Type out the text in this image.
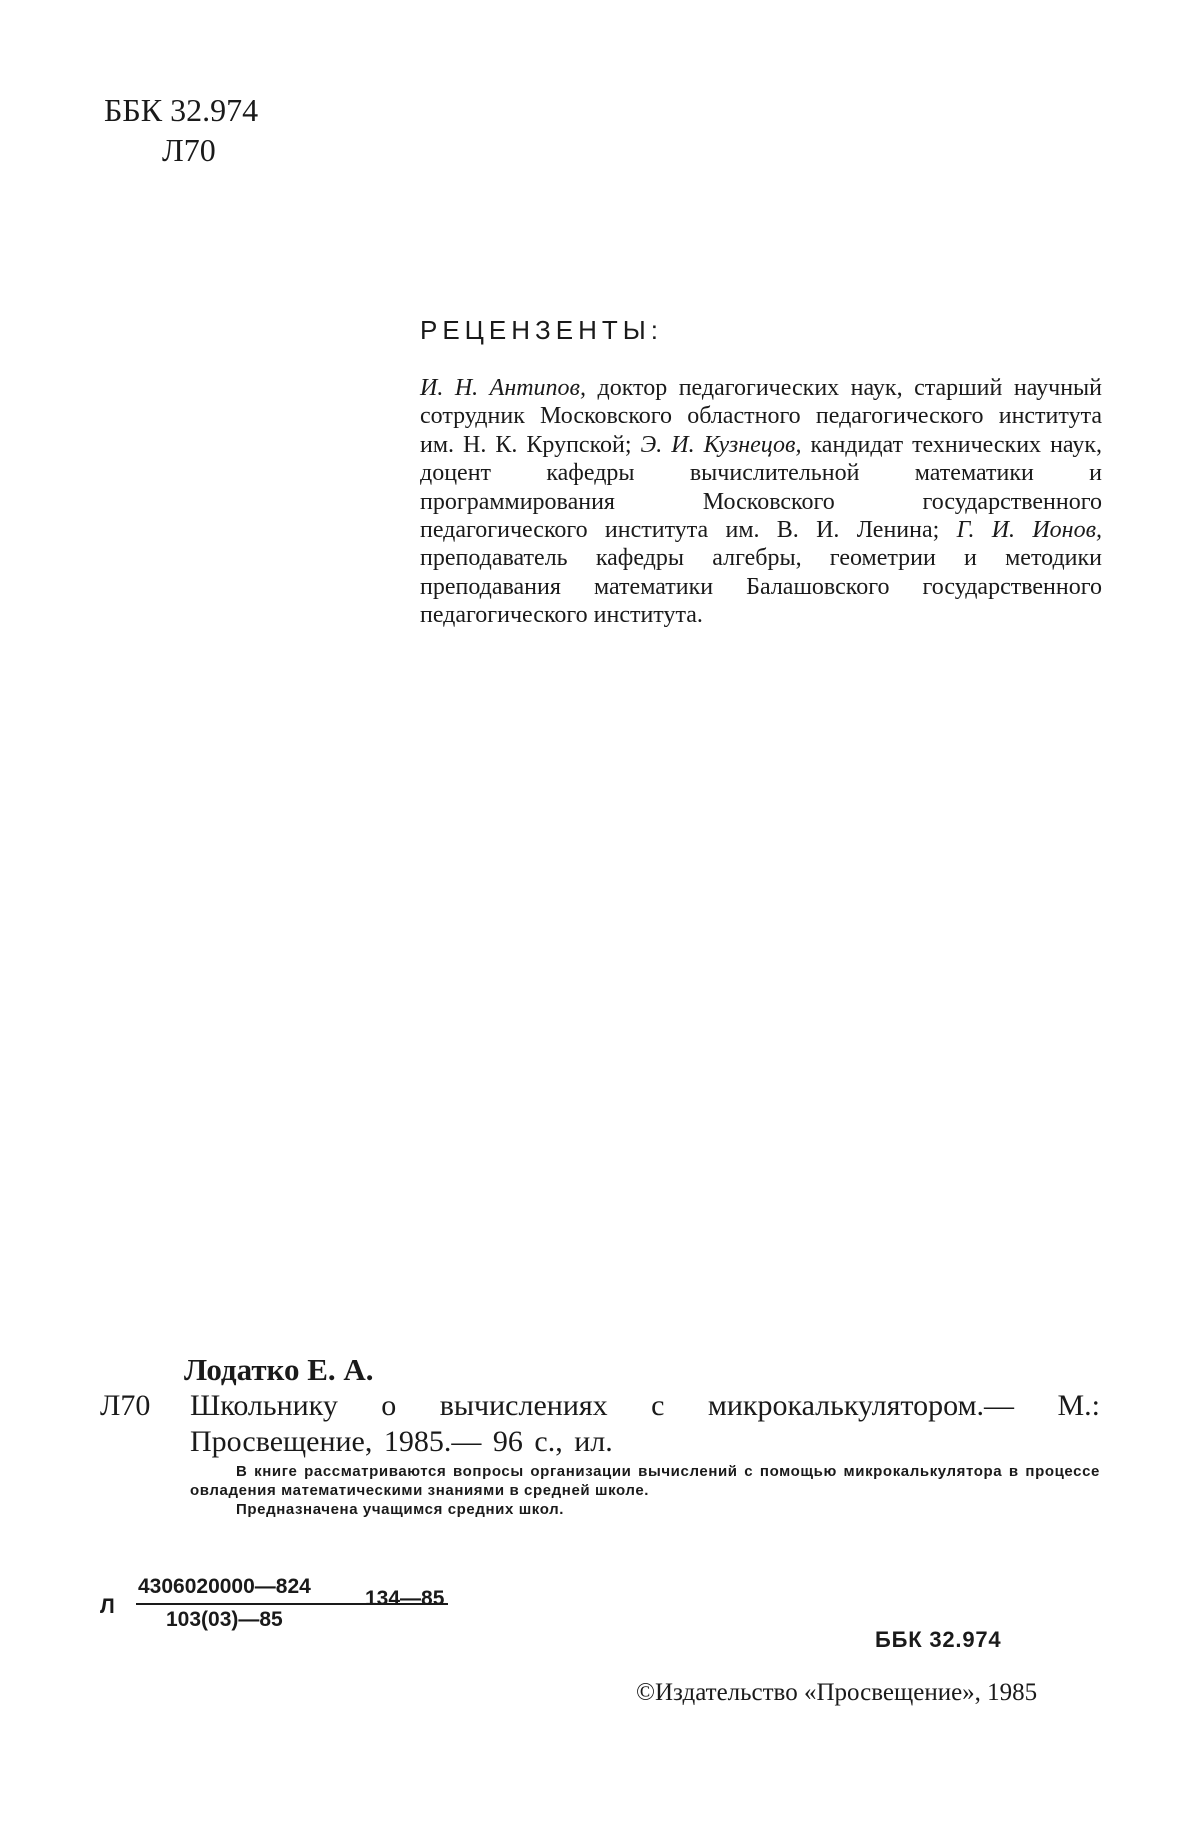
ББК 32.974
Л70
РЕЦЕНЗЕНТЫ:
И. Н. Антипов, доктор педагогических наук, старший научный сотрудник Московского областного педагогического института им. Н. К. Крупской; Э. И. Кузнецов, кандидат технических наук, доцент кафедры вычислительной математики и программирования Московского государственного педагогического института им. В. И. Ленина; Г. И. Ионов, преподаватель кафедры алгебры, геометрии и методики преподавания математики Балашовского государственного педагогического института.
Лодатко Е. А.
Л70 Школьнику о вычислениях с микрокалькулятором.— М.: Просвещение, 1985.— 96 с., ил.

В книге рассматриваются вопросы организации вычислений с помощью микрокалькулятора в процессе овладения математическими знаниями в средней школе.

Предназначена учащимся средних школ.

Л
4306020000—824
103(03)—85
134—85
ББК 32.974
©Издательство «Просвещение», 1985
